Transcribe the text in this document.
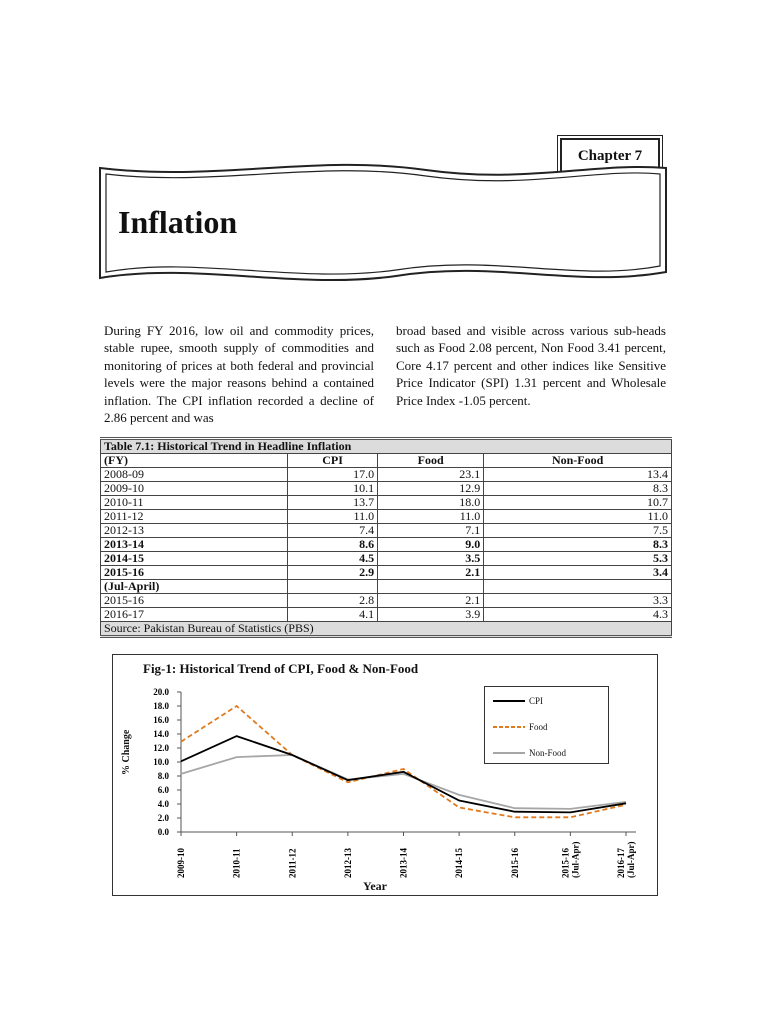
Chapter 7
Inflation

During FY 2016, low oil and commodity prices, stable rupee, smooth supply of commodities and monitoring of prices at both federal and provincial levels were the major reasons behind a contained inflation. The CPI inflation recorded a decline of 2.86 percent and was

broad based and visible across various sub-heads such as Food 2.08 percent, Non Food 3.41 percent, Core 4.17 percent and other indices like Sensitive Price Indicator (SPI) 1.31 percent and Wholesale Price Index -1.05 percent.

Table 7.1: Historical Trend in Headline Inflation			
(FY)	CPI	Food	Non-Food
2008-09	17.0	23.1	13.4
2009-10	10.1	12.9	8.3
2010-11	13.7	18.0	10.7
2011-12	11.0	11.0	11.0
2012-13	7.4	7.1	7.5
2013-14	8.6	9.0	8.3
2014-15	4.5	3.5	5.3
2015-16	2.9	2.1	3.4
(Jul-April)			
2015-16	2.8	2.1	3.3
2016-17	4.1	3.9	4.3
Source: Pakistan Bureau of Statistics (PBS)			
Fig-1: Historical Trend of CPI, Food & Non-Food
0.0
2.0
4.0
6.0
8.0
10.0
12.0
14.0
16.0
18.0
20.0
2009-10	2010-11	2011-12	2012-13	2013-14	2014-15	2015-16	2015-16(Jul-Apr)	2016-17(Jul-Apr)
% Change
Year
CPI
Food
Non-Food
